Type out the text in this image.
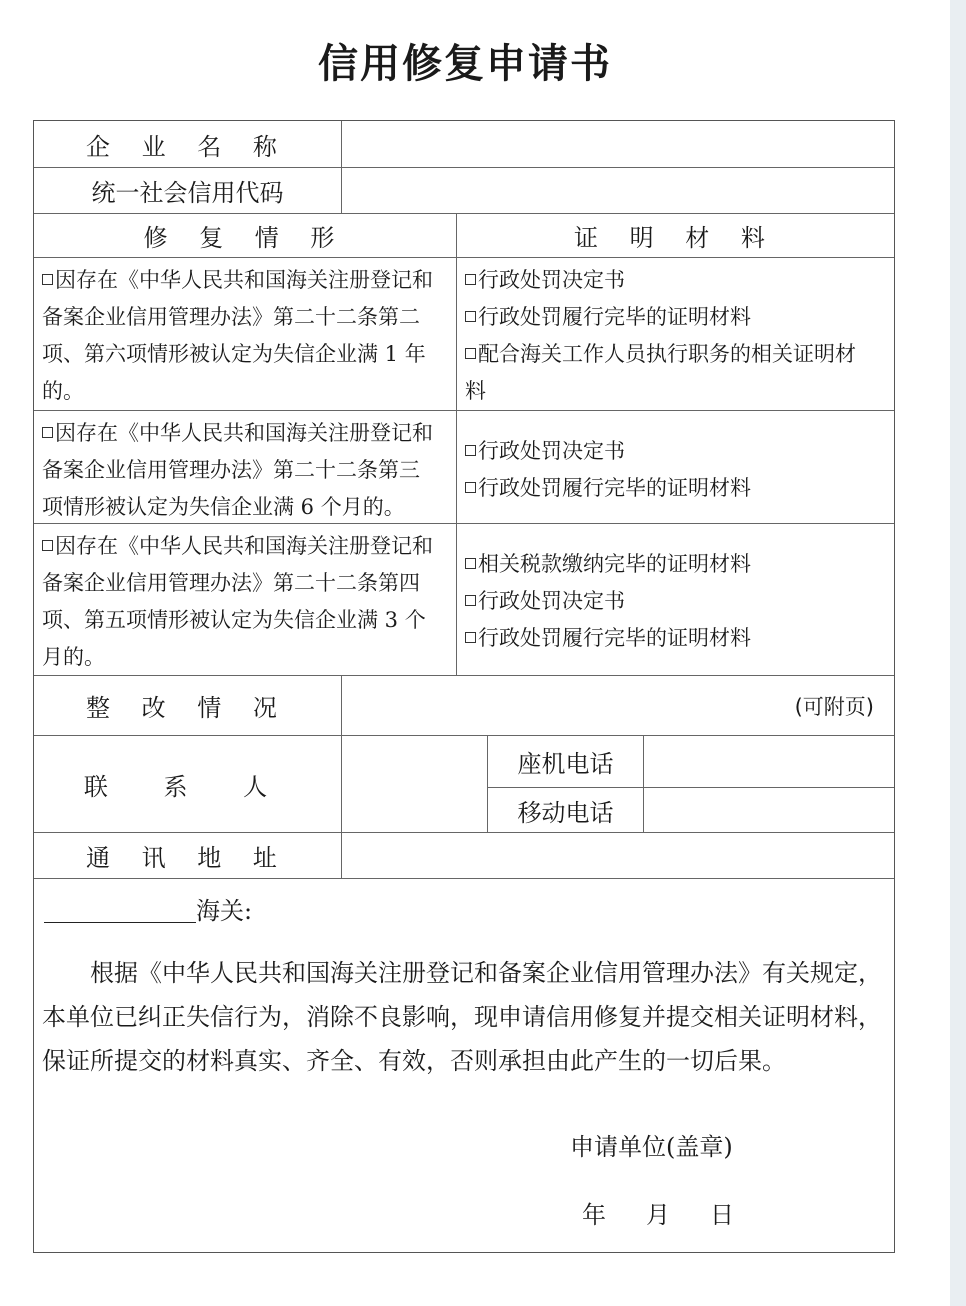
信用修复申请书
企 业 名 称
统一社会信用代码
修 复 情 形	证 明 材 料
因存在《中华人民共和国海关注册登记和
备案企业信用管理办法》第二十二条第二
项、第六项情形被认定为失信企业满 1 年
的。
行政处罚决定书
行政处罚履行完毕的证明材料
配合海关工作人员执行职务的相关证明材
料
因存在《中华人民共和国海关注册登记和
备案企业信用管理办法》第二十二条第三
项情形被认定为失信企业满 6 个月的。
行政处罚决定书
行政处罚履行完毕的证明材料
因存在《中华人民共和国海关注册登记和
备案企业信用管理办法》第二十二条第四
项、第五项情形被认定为失信企业满 3 个
月的。
相关税款缴纳完毕的证明材料
行政处罚决定书
行政处罚履行完毕的证明材料
整 改 情 况	(可附页)
联 系 人
座机电话
移动电话
通 讯 地 址
海关:
根据《中华人民共和国海关注册登记和备案企业信用管理办法》有关规定，本单位已纠正失信行为，消除不良影响，现申请信用修复并提交相关证明材料，保证所提交的材料真实、齐全、有效，否则承担由此产生的一切后果。
申请单位(盖章)
年 月 日
